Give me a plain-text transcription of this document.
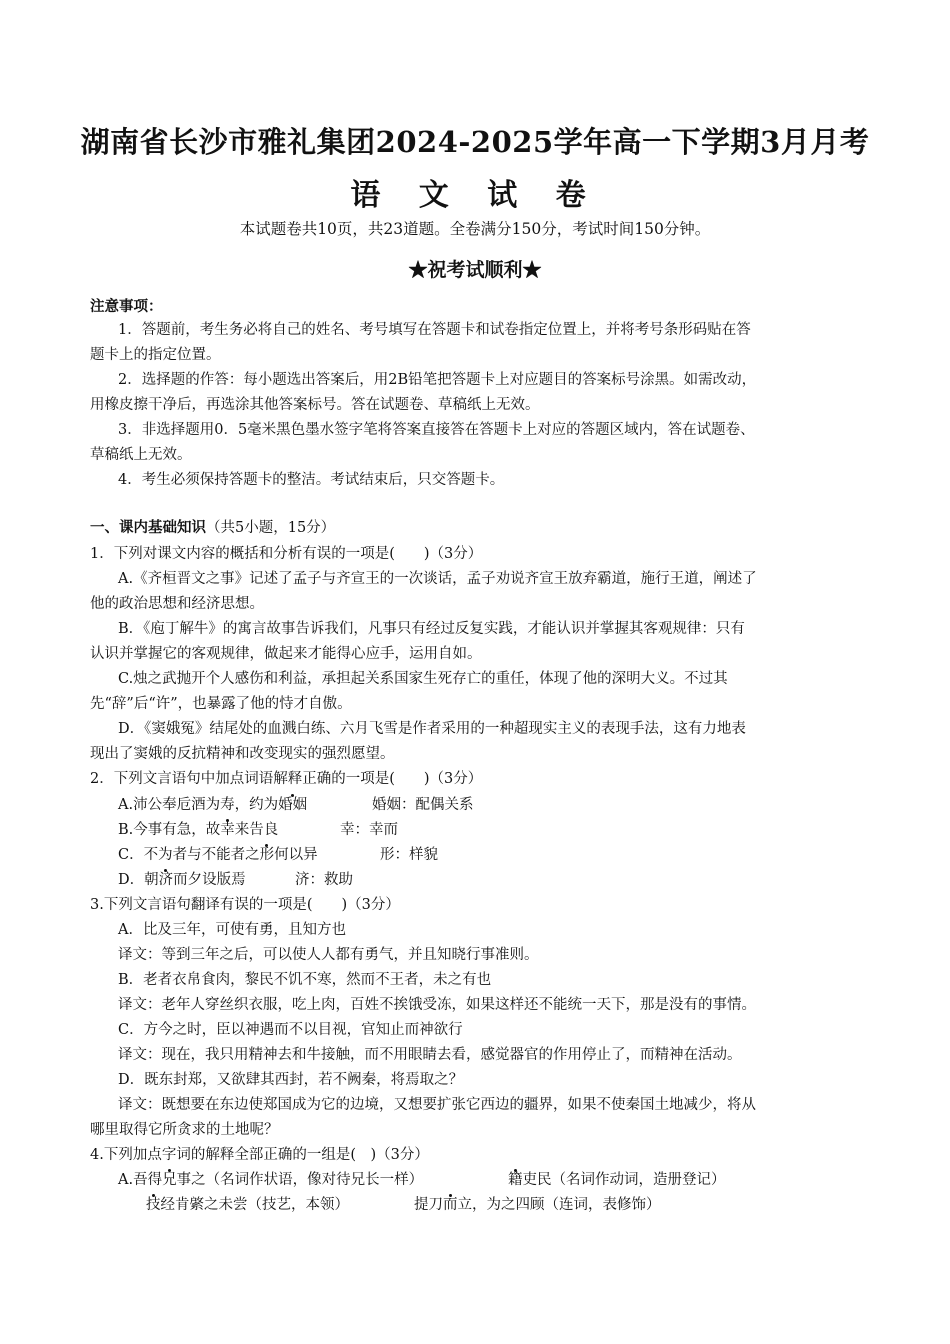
湖南省长沙市雅礼集团2024-2025学年高一下学期3月月考
语 文 试 卷
本试题卷共10页，共23道题。全卷满分150分，考试时间150分钟。
★祝考试顺利★
注意事项：
1．答题前，考生务必将自己的姓名、考号填写在答题卡和试卷指定位置上，并将考号条形码贴在答
题卡上的指定位置。
2．选择题的作答：每小题选出答案后，用2B铅笔把答题卡上对应题目的答案标号涂黑。如需改动，
用橡皮擦干净后，再选涂其他答案标号。答在试题卷、草稿纸上无效。
3．非选择题用0．5毫米黑色墨水签字笔将答案直接答在答题卡上对应的答题区域内，答在试题卷、
草稿纸上无效。
4．考生必须保持答题卡的整洁。考试结束后，只交答题卡。
一、课内基础知识（共5小题，15分）
1．下列对课文内容的概括和分析有误的一项是(　　)（3分）
A.《齐桓晋文之事》记述了孟子与齐宣王的一次谈话，孟子劝说齐宣王放弃霸道，施行王道，阐述了
他的政治思想和经济思想。
B．《庖丁解牛》的寓言故事告诉我们，凡事只有经过反复实践，才能认识并掌握其客观规律：只有
认识并掌握它的客观规律，做起来才能得心应手，运用自如。
C.烛之武抛开个人感伤和利益，承担起关系国家生死存亡的重任，体现了他的深明大义。不过其
先“辞”后“许”，也暴露了他的恃才自傲。
D．《窦娥冤》结尾处的血溅白练、六月飞雪是作者采用的一种超现实主义的表现手法，这有力地表
现出了窦娥的反抗精神和改变现实的强烈愿望。
2．下列文言语句中加点词语解释正确的一项是(　　)（3分）
A.沛公奉卮酒为寿，约为婚姻	婚姻：配偶关系
B.今事有急，故幸来告良	幸：幸而
C．不为者与不能者之形何以异	形：样貌
D．朝济而夕设版焉	济：救助
3.下列文言语句翻译有误的一项是(　　)（3分）
A．比及三年，可使有勇，且知方也
译文：等到三年之后，可以使人人都有勇气，并且知晓行事准则。
B．老者衣帛食肉，黎民不饥不寒，然而不王者，未之有也
译文：老年人穿丝织衣服，吃上肉，百姓不挨饿受冻，如果这样还不能统一天下，那是没有的事情。
C．方今之时，臣以神遇而不以目视，官知止而神欲行
译文：现在，我只用精神去和牛接触，而不用眼睛去看，感觉器官的作用停止了，而精神在活动。
D．既东封郑，又欲肆其西封，若不阙秦，将焉取之？
译文：既想要在东边使郑国成为它的边境，又想要扩张它西边的疆界，如果不使秦国土地减少，将从
哪里取得它所贪求的土地呢？
4.下列加点字词的解释全部正确的一组是(　)（3分）
A.吾得兄事之（名词作状语，像对待兄长一样）	籍吏民（名词作动词，造册登记）
技经肯綮之未尝（技艺，本领）	提刀而立，为之四顾（连词，表修饰）
